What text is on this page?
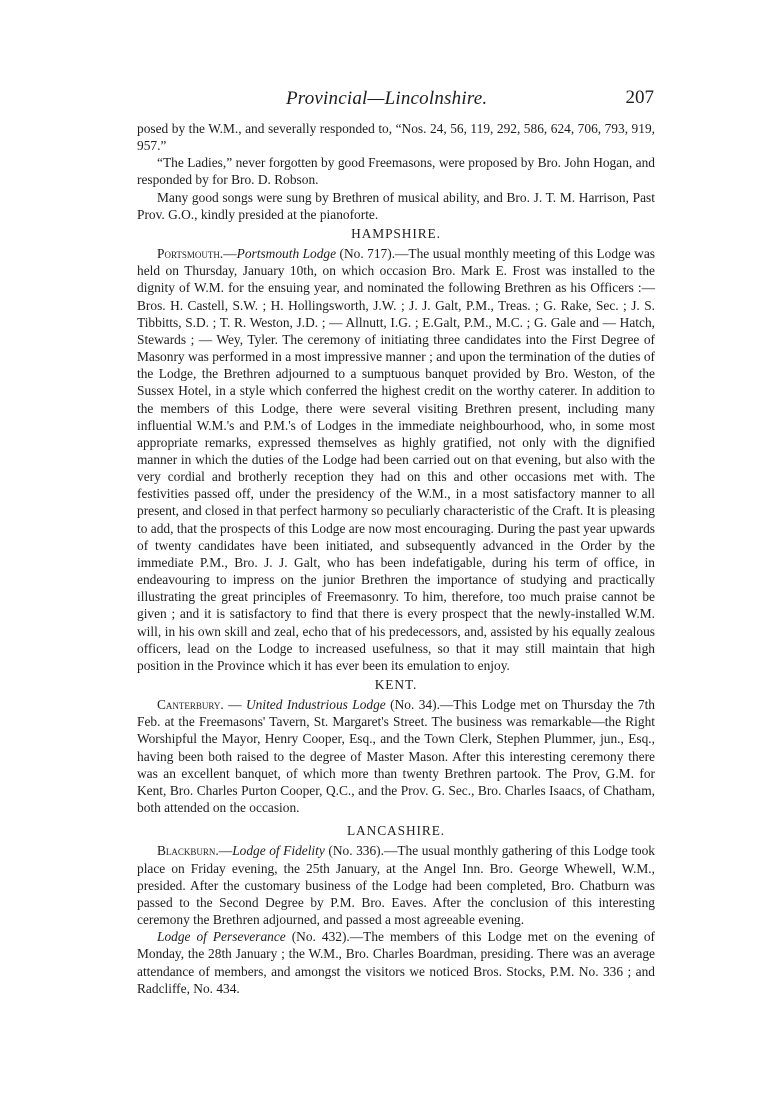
Provincial—Lincolnshire.	207

posed by the W.M., and severally responded to, “Nos. 24, 56, 119, 292, 586, 624, 706, 793, 919, 957.”

“The Ladies,” never forgotten by good Freemasons, were proposed by Bro. John Hogan, and responded by for Bro. D. Robson.

Many good songs were sung by Brethren of musical ability, and Bro. J. T. M. Harrison, Past Prov. G.O., kindly presided at the pianoforte.

HAMPSHIRE.

Portsmouth.—Portsmouth Lodge (No. 717).—The usual monthly meeting of this Lodge was held on Thursday, January 10th, on which occasion Bro. Mark E. Frost was installed to the dignity of W.M. for the ensuing year, and nominated the following Brethren as his Officers :—Bros. H. Castell, S.W. ; H. Hollingsworth, J.W. ; J. J. Galt, P.M., Treas. ; G. Rake, Sec. ; J. S. Tibbitts, S.D. ; T. R. Weston, J.D. ; — Allnutt, I.G. ; E.Galt, P.M., M.C. ; G. Gale and — Hatch, Stewards ; — Wey, Tyler. The ceremony of initiating three candidates into the First Degree of Masonry was performed in a most impressive manner ; and upon the termination of the duties of the Lodge, the Brethren adjourned to a sumptuous banquet provided by Bro. Weston, of the Sussex Hotel, in a style which conferred the highest credit on the worthy caterer. In addition to the members of this Lodge, there were several visiting Brethren present, including many influential W.M.'s and P.M.'s of Lodges in the immediate neighbourhood, who, in some most appropriate remarks, expressed themselves as highly gratified, not only with the dignified manner in which the duties of the Lodge had been carried out on that evening, but also with the very cordial and brotherly reception they had on this and other occasions met with. The festivities passed off, under the presidency of the W.M., in a most satisfactory manner to all present, and closed in that perfect harmony so peculiarly characteristic of the Craft. It is pleasing to add, that the prospects of this Lodge are now most encouraging. During the past year upwards of twenty candidates have been initiated, and subsequently advanced in the Order by the immediate P.M., Bro. J. J. Galt, who has been indefatigable, during his term of office, in endeavouring to impress on the junior Brethren the importance of studying and practically illustrating the great principles of Freemasonry. To him, therefore, too much praise cannot be given ; and it is satisfactory to find that there is every prospect that the newly-installed W.M. will, in his own skill and zeal, echo that of his predecessors, and, assisted by his equally zealous officers, lead on the Lodge to increased usefulness, so that it may still maintain that high position in the Province which it has ever been its emulation to enjoy.

KENT.

Canterbury. — United Industrious Lodge (No. 34).—This Lodge met on Thursday the 7th Feb. at the Freemasons' Tavern, St. Margaret's Street. The business was remarkable—the Right Worshipful the Mayor, Henry Cooper, Esq., and the Town Clerk, Stephen Plummer, jun., Esq., having been both raised to the degree of Master Mason. After this interesting ceremony there was an excellent banquet, of which more than twenty Brethren partook. The Prov, G.M. for Kent, Bro. Charles Purton Cooper, Q.C., and the Prov. G. Sec., Bro. Charles Isaacs, of Chatham, both attended on the occasion.

LANCASHIRE.

Blackburn.—Lodge of Fidelity (No. 336).—The usual monthly gathering of this Lodge took place on Friday evening, the 25th January, at the Angel Inn. Bro. George Whewell, W.M., presided. After the customary business of the Lodge had been completed, Bro. Chatburn was passed to the Second Degree by P.M. Bro. Eaves. After the conclusion of this interesting ceremony the Brethren adjourned, and passed a most agreeable evening.

Lodge of Perseverance (No. 432).—The members of this Lodge met on the evening of Monday, the 28th January ; the W.M., Bro. Charles Boardman, presiding. There was an average attendance of members, and amongst the visitors we noticed Bros. Stocks, P.M. No. 336 ; and Radcliffe, No. 434.
